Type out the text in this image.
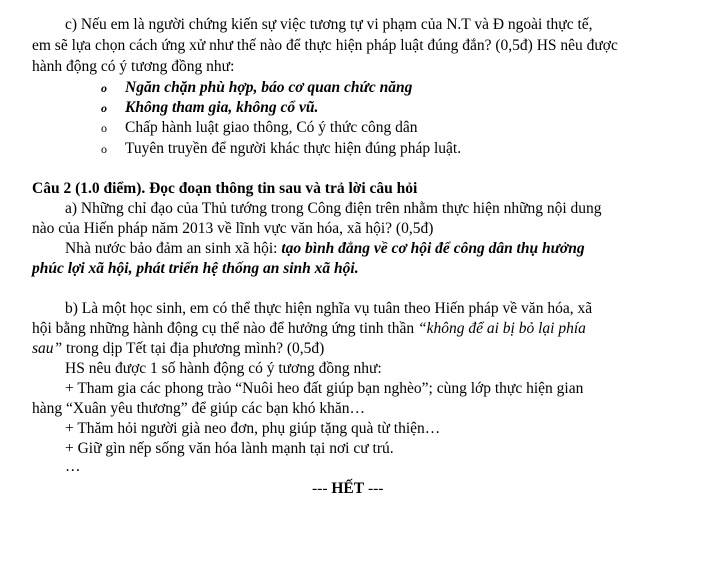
c) Nếu em là người chứng kiến sự việc tương tự vi phạm của N.T và Đ ngoài thực tế,
em sẽ lựa chọn cách ứng xử như thế nào để thực hiện pháp luật đúng đắn? (0,5đ) HS nêu được
hành động có ý tương đồng như:
o Ngăn chặn phù hợp, báo cơ quan chức năng
o Không tham gia, không cổ vũ.
o Chấp hành luật giao thông, Có ý thức công dân
o Tuyên truyền để người khác thực hiện đúng pháp luật.
Câu 2 (1.0 điểm). Đọc đoạn thông tin sau và trả lời câu hỏi
a) Những chỉ đạo của Thủ tướng trong Công điện trên nhằm thực hiện những nội dung
nào của Hiến pháp năm 2013 về lĩnh vực văn hóa, xã hội? (0,5đ)
Nhà nước bảo đảm an sinh xã hội: tạo bình đẳng về cơ hội để công dân thụ hưởng
phúc lợi xã hội, phát triển hệ thống an sinh xã hội.
b) Là một học sinh, em có thể thực hiện nghĩa vụ tuân theo Hiến pháp về văn hóa, xã
hội bằng những hành động cụ thể nào để hưởng ứng tinh thần “không để ai bị bỏ lại phía
sau” trong dịp Tết tại địa phương mình? (0,5đ)
HS nêu được 1 số hành động có ý tương đồng như:
+ Tham gia các phong trào “Nuôi heo đất giúp bạn nghèo”; cùng lớp thực hiện gian
hàng “Xuân yêu thương” để giúp các bạn khó khăn…
+ Thăm hỏi người già neo đơn, phụ giúp tặng quà từ thiện…
+ Giữ gìn nếp sống văn hóa lành mạnh tại nơi cư trú.
…
--- HẾT ---
